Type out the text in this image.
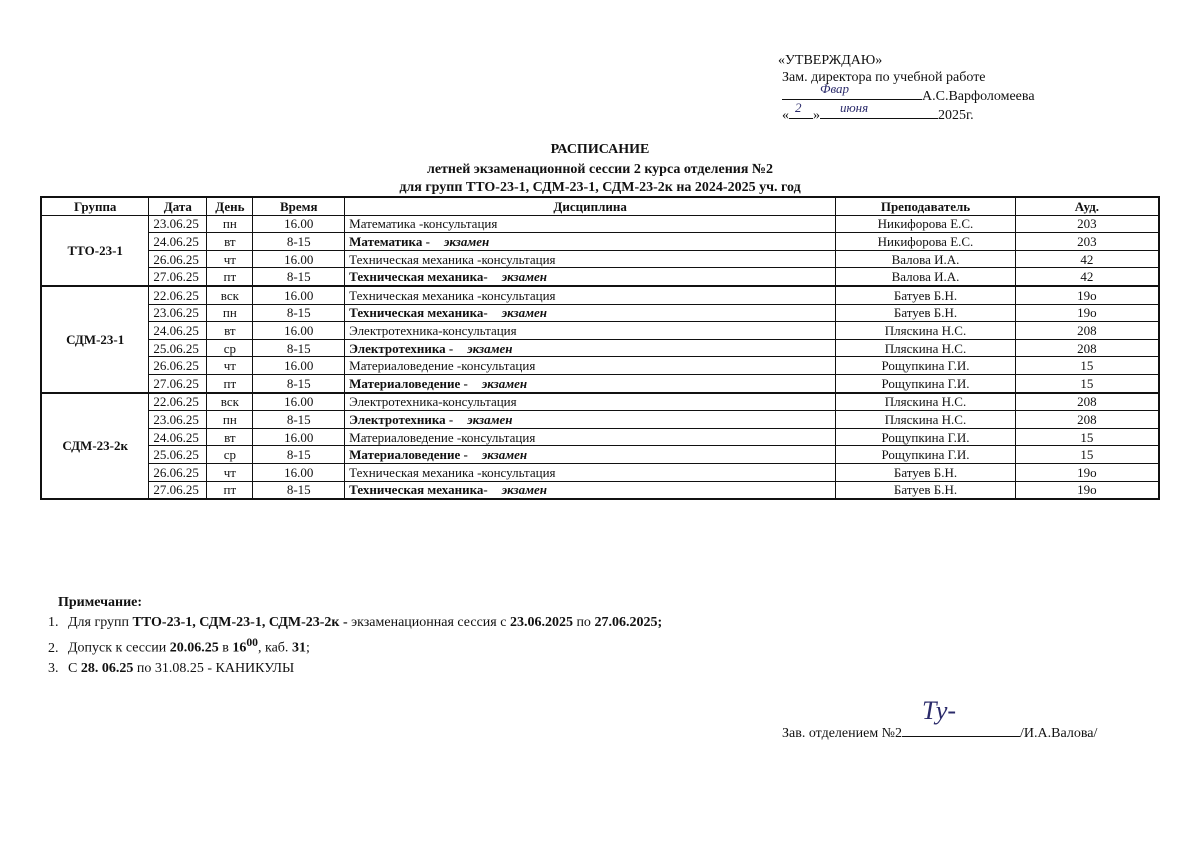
«УТВЕРЖДАЮ»
Зам. директора по учебной работе
Фвар
А.С.Варфоломеева
«
2
»
июня
2025г.
РАСПИСАНИЕ
летней экзаменационной сессии 2 курса отделения №2
для групп ТТО-23-1, СДМ-23-1, СДМ-23-2к на 2024-2025 уч. год
Группа	Дата	День	Время	Дисциплина	Преподаватель	Ауд.
ТТО-23-1	23.06.25	пн	16.00	Математика -консультация	Никифорова Е.С.	203
	24.06.25	вт	8-15	Математика - экзамен	Никифорова Е.С.	203
	26.06.25	чт	16.00	Техническая механика -консультация	Валова И.А.	42
	27.06.25	пт	8-15	Техническая механика- экзамен	Валова И.А.	42
СДМ-23-1	22.06.25	вск	16.00	Техническая механика -консультация	Батуев Б.Н.	19о
	23.06.25	пн	8-15	Техническая механика- экзамен	Батуев Б.Н.	19о
	24.06.25	вт	16.00	Электротехника-консультация	Пляскина Н.С.	208
	25.06.25	ср	8-15	Электротехника - экзамен	Пляскина Н.С.	208
	26.06.25	чт	16.00	Материаловедение -консультация	Рощупкина Г.И.	15
	27.06.25	пт	8-15	Материаловедение - экзамен	Рощупкина Г.И.	15
СДМ-23-2к	22.06.25	вск	16.00	Электротехника-консультация	Пляскина Н.С.	208
	23.06.25	пн	8-15	Электротехника - экзамен	Пляскина Н.С.	208
	24.06.25	вт	16.00	Материаловедение -консультация	Рощупкина Г.И.	15
	25.06.25	ср	8-15	Материаловедение - экзамен	Рощупкина Г.И.	15
	26.06.25	чт	16.00	Техническая механика -консультация	Батуев Б.Н.	19о
	27.06.25	пт	8-15	Техническая механика- экзамен	Батуев Б.Н.	19о
Примечание:
1. Для групп ТТО-23-1, СДМ-23-1, СДМ-23-2к - экзаменационная сессия с 23.06.2025 по 27.06.2025;
2. Допуск к сессии 20.06.25 в $16^{00}$, каб. 31;
3. С 28. 06.25 по 31.08.25 - КАНИКУЛЫ
Зав. отделением №2
Ту-
/И.А.Валова/
